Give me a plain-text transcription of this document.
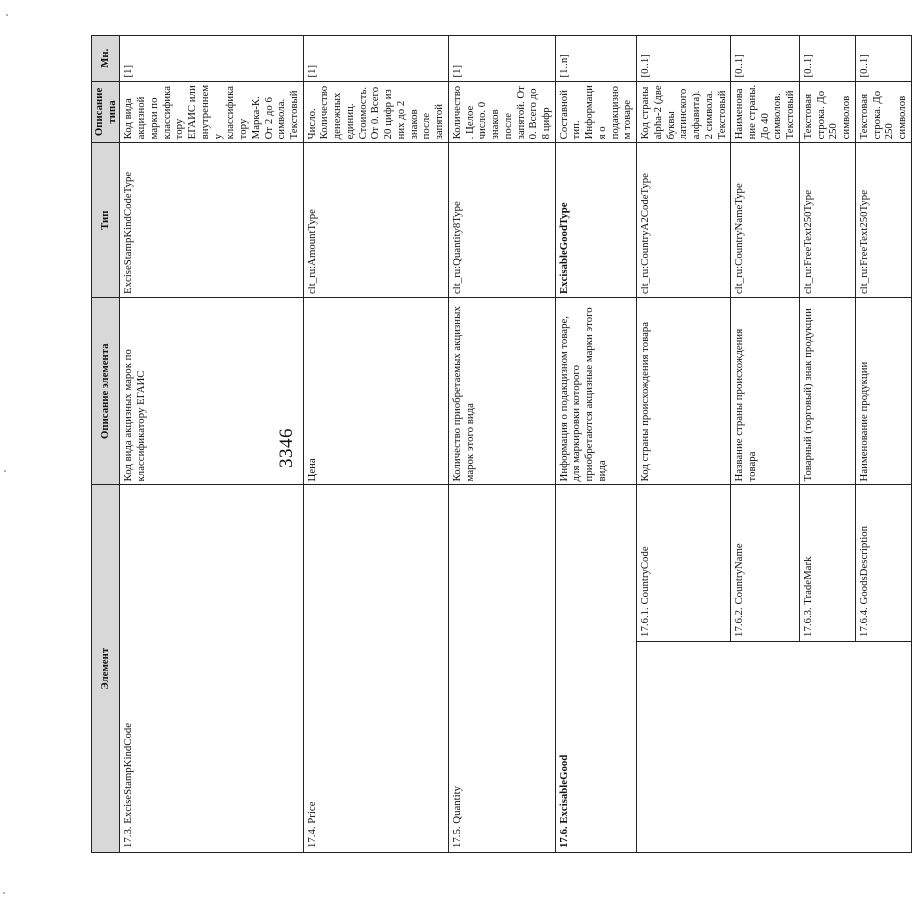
3346
Элемент		Описание элемента	Тип	Описание типа	Мн.
17.3. ExciseStampKindCode		Код вида акцизных марок по классификатору ЕГАИС	ExciseStampKindCodeType	Код вида акцизной марки по классификатору ЕГАИС или внутреннему классификатору Марка-К. От 2 до 6 символа. Текстовый	[1]
17.4. Price		Цена	clt_ru:AmountType	Число. Количество денежных единиц. Стоимость. От 0. Всего 20 цифр из них до 2 знаков после запятой	[1]
17.5. Quantity		Количество приобретаемых акцизных марок этого вида	clt_ru:Quantity8Type	Количество. Целое число. 0 знаков после запятой. От 0. Всего до 8 цифр	[1]
17.6. ExcisableGood		Информация о подакцизном товаре, для маркировки которого приобретаются акцизные марки этого вида	ExcisableGoodType	Составной тип. Информация о подакцизном товаре	[1..n]
	17.6.1. CountryCode	Код страны происхождения товара	clt_ru:CountryA2CodeType	Код страны alpha-2 (две буквы латинского алфавита). 2 символа. Текстовый	[0..1]
	17.6.2. CountryName	Название страны происхождения товара	clt_ru:CountryNameType	Наименование страны. До 40 символов. Текстовый	[0..1]
	17.6.3. TradeMark	Товарный (торговый) знак продукции	clt_ru:FreeText250Type	Текстовая строка. До 250 символов	[0..1]
	17.6.4. GoodsDescription	Наименование продукции	clt_ru:FreeText250Type	Текстовая строка. До 250 символов	[0..1]
